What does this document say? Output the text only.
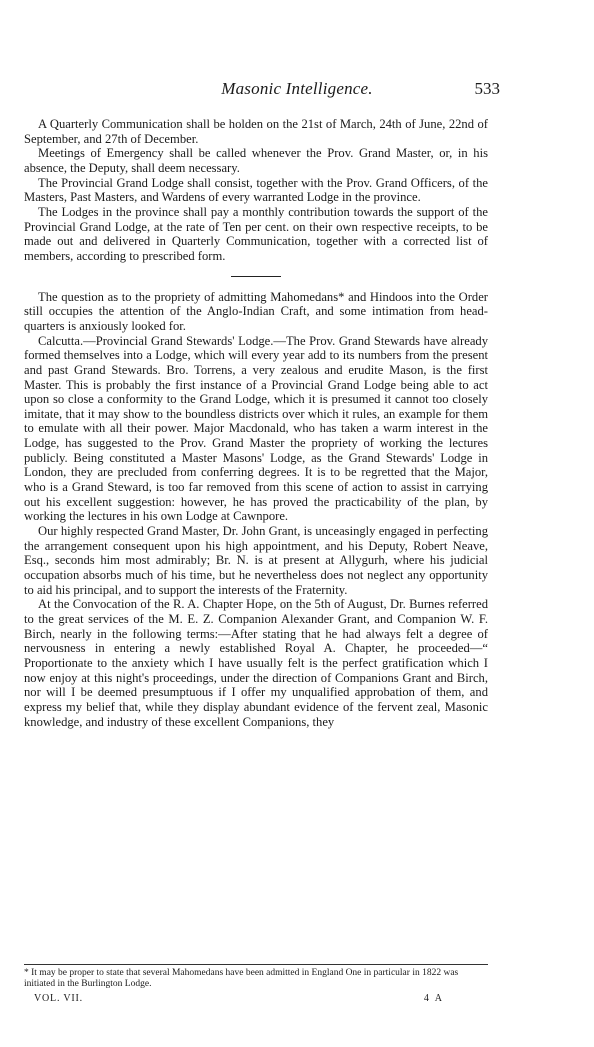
Masonic Intelligence.	533

A Quarterly Communication shall be holden on the 21st of March, 24th of June, 22nd of September, and 27th of December.

Meetings of Emergency shall be called whenever the Prov. Grand Master, or, in his absence, the Deputy, shall deem necessary.

The Provincial Grand Lodge shall consist, together with the Prov. Grand Officers, of the Masters, Past Masters, and Wardens of every warranted Lodge in the province.

The Lodges in the province shall pay a monthly contribution towards the support of the Provincial Grand Lodge, at the rate of Ten per cent. on their own respective receipts, to be made out and delivered in Quarterly Communication, together with a corrected list of members, according to prescribed form.

The question as to the propriety of admitting Mahomedans* and Hindoos into the Order still occupies the attention of the Anglo-Indian Craft, and some intimation from head-quarters is anxiously looked for.

Calcutta.—Provincial Grand Stewards' Lodge.—The Prov. Grand Stewards have already formed themselves into a Lodge, which will every year add to its numbers from the present and past Grand Stewards. Bro. Torrens, a very zealous and erudite Mason, is the first Master. This is probably the first instance of a Provincial Grand Lodge being able to act upon so close a conformity to the Grand Lodge, which it is presumed it cannot too closely imitate, that it may show to the boundless districts over which it rules, an example for them to emulate with all their power. Major Macdonald, who has taken a warm interest in the Lodge, has suggested to the Prov. Grand Master the propriety of working the lectures publicly. Being constituted a Master Masons' Lodge, as the Grand Stewards' Lodge in London, they are precluded from conferring degrees. It is to be regretted that the Major, who is a Grand Steward, is too far removed from this scene of action to assist in carrying out his excellent suggestion: however, he has proved the practicability of the plan, by working the lectures in his own Lodge at Cawnpore.

Our highly respected Grand Master, Dr. John Grant, is unceasingly engaged in perfecting the arrangement consequent upon his high appointment, and his Deputy, Robert Neave, Esq., seconds him most admirably; Br. N. is at present at Allygurh, where his judicial occupation absorbs much of his time, but he nevertheless does not neglect any opportunity to aid his principal, and to support the interests of the Fraternity.

At the Convocation of the R. A. Chapter Hope, on the 5th of August, Dr. Burnes referred to the great services of the M. E. Z. Companion Alexander Grant, and Companion W. F. Birch, nearly in the following terms:—After stating that he had always felt a degree of nervousness in entering a newly established Royal A. Chapter, he proceeded—“ Proportionate to the anxiety which I have usually felt is the perfect gratification which I now enjoy at this night's proceedings, under the direction of Companions Grant and Birch, nor will I be deemed presumptuous if I offer my unqualified approbation of them, and express my belief that, while they display abundant evidence of the fervent zeal, Masonic knowledge, and industry of these excellent Companions, they

* It may be proper to state that several Mahomedans have been admitted in England One in particular in 1822 was initiated in the Burlington Lodge.
VOL. VII.	4 A
